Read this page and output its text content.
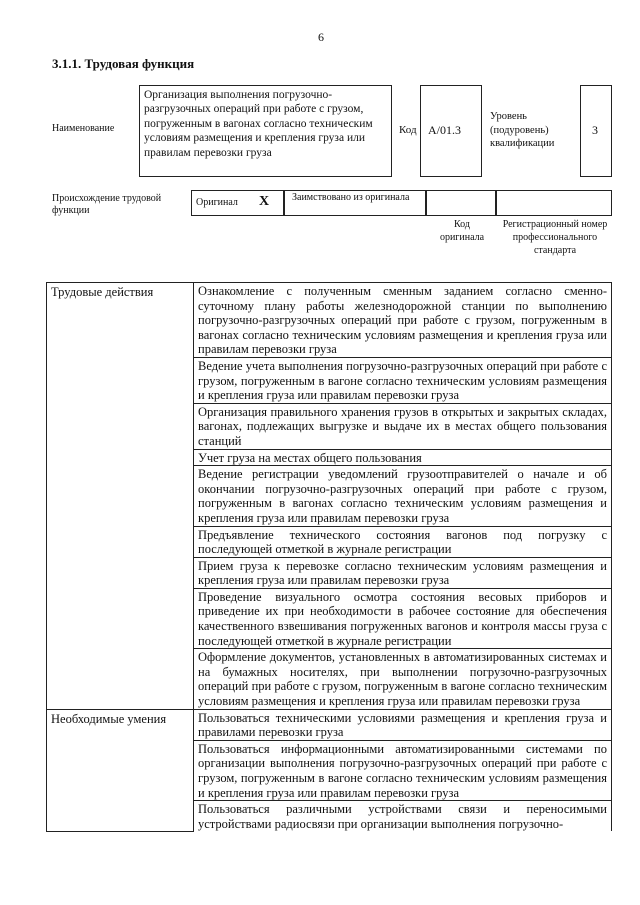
6
3.1.1. Трудовая функция
Наименование
Организация выполнения погрузочно-разгрузочных операций при работе с грузом, погруженным в вагонах согласно техническим условиям размещения и крепления груза или правилам перевозки груза
Код А/01.3
Уровень (подуровень) квалификации
3
Происхождение трудовой функции
Оригинал X Заимствовано из оригинала
Код оригинала
Регистрационный номер профессионального стандарта
Трудовые действия	Ознакомление с полученным сменным заданием согласно сменно-суточному плану работы железнодорожной станции по выполнению погрузочно-разгрузочных операций при работе с грузом, погруженным в вагонах согласно техническим условиям размещения и крепления груза или правилам перевозки груза
	Ведение учета выполнения погрузочно-разгрузочных операций при работе с грузом, погруженным в вагоне согласно техническим условиям размещения и крепления груза или правилам перевозки груза
	Организация правильного хранения грузов в открытых и закрытых складах, вагонах, подлежащих выгрузке и выдаче их в местах общего пользования станций
	Учет груза на местах общего пользования
	Ведение регистрации уведомлений грузоотправителей о начале и об окончании погрузочно-разгрузочных операций при работе с грузом, погруженным в вагонах согласно техническим условиям размещения и крепления груза или правилам перевозки груза
	Предъявление технического состояния вагонов под погрузку с последующей отметкой в журнале регистрации
	Прием груза к перевозке согласно техническим условиям размещения и крепления груза или правилам перевозки груза
	Проведение визуального осмотра состояния весовых приборов и приведение их при необходимости в рабочее состояние для обеспечения качественного взвешивания погруженных вагонов и контроля массы груза с последующей отметкой в журнале регистрации
	Оформление документов, установленных в автоматизированных системах и на бумажных носителях, при выполнении погрузочно-разгрузочных операций при работе с грузом, погруженным в вагоне согласно техническим условиям размещения и крепления груза или правилам перевозки груза
Необходимые умения	Пользоваться техническими условиями размещения и крепления груза и правилами перевозки груза
	Пользоваться информационными автоматизированными системами по организации выполнения погрузочно-разгрузочных операций при работе с грузом, погруженным в вагоне согласно техническим условиям размещения и крепления груза или правилам перевозки груза
	Пользоваться различными устройствами связи и переносимыми устройствами радиосвязи при организации выполнения погрузочно-
